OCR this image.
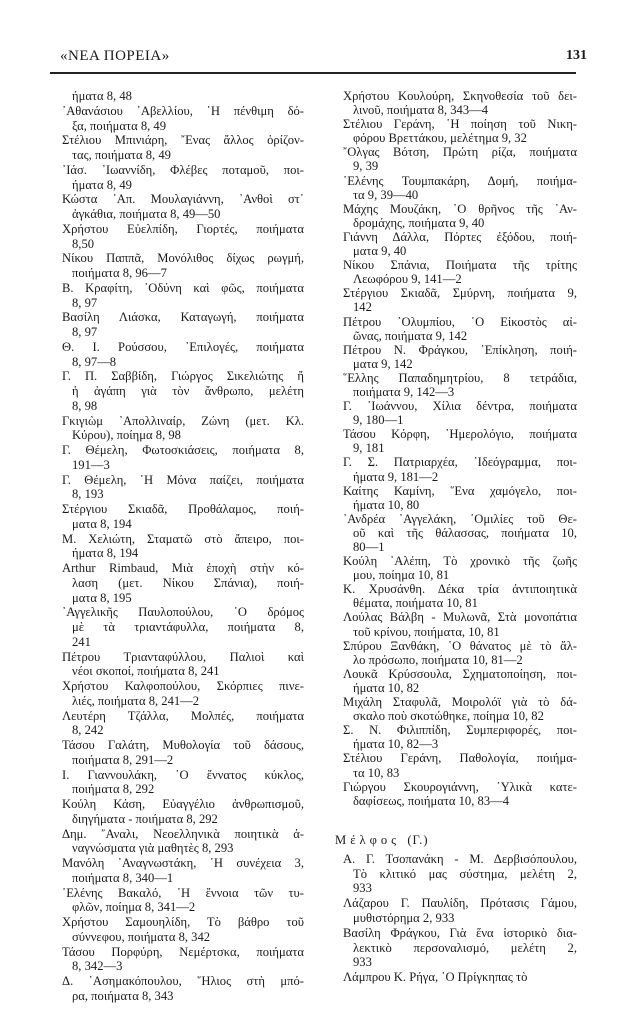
«ΝΕΑ ΠΟΡΕΙΑ»	131
ήματα 8, 48
᾿Αθανάσιου ᾿Αβελλίου, ῾Η πένθιμη δό-
ξα, ποιήματα 8, 49
Στέλιου Μπινιάρη, ῎Ενας ἄλλος ὁρίζον-
τας, ποιήματα 8, 49
᾿Ιάσ. ᾿Ιωαννίδη, Φλέβες ποταμοῦ, ποι-
ήματα 8, 49
Κώστα ᾿Απ. Μουλαγιάννη, ᾿Ανθοὶ στ᾿
ἀγκάθια, ποιήματα 8, 49—50
Χρήστου Εὐελπίδη, Γιορτές, ποιήματα
8,50
Νίκου Παππᾶ, Μονόλιθος δίχως ρωγμή,
ποιήματα 8, 96—7
Β. Κραφίτη, ᾿Οδύνη καὶ φῶς, ποιήματα
8, 97
Βασίλη Λιάσκα, Καταγωγή, ποιήματα
8, 97
Θ. Ι. Ρούσσου, ᾿Επιλογές, ποιήματα
8, 97—8
Γ. Π. Σαββίδη, Γιώργος Σικελιώτης ἤ
ἡ ἀγάπη γιὰ τὸν ἄνθρωπο, μελέτη
8, 98
Γκιγιὼμ ᾿Απολλιναίρ, Ζώνη (μετ. Κλ.
Κύρου), ποίημα 8, 98
Γ. Θέμελη, Φωτοσκιάσεις, ποιήματα 8,
191—3
Γ. Θέμελη, ῾Η Μόνα παίζει, ποιήματα
8, 193
Στέργιου Σκιαδᾶ, Προθάλαμος, ποιή-
ματα 8, 194
Μ. Χελιώτη, Σταματῶ στὸ ἄπειρο, ποι-
ήματα 8, 194
Arthur Rimbaud, Μιὰ ἐποχὴ στὴν κό-
λαση (μετ. Νίκου Σπάνια), ποιή-
ματα 8, 195
᾿Αγγελικῆς Παυλοπούλου, ῾Ο δρόμος
μὲ τὰ τριαντάφυλλα, ποιήματα 8,
241
Πέτρου Τριανταφύλλου, Παλιοὶ καὶ
νέοι σκοποί, ποιήματα 8, 241
Χρήστου Καλφοπούλου, Σκόρπιες πινε-
λιές, ποιήματα 8, 241—2
Λευτέρη Τζάλλα, Μολπές, ποιήματα
8, 242
Τάσου Γαλάτη, Μυθολογία τοῦ δάσους,
ποιήματα 8, 291—2
Ι. Γιαννουλάκη, ῾Ο ἔννατος κύκλος,
ποιήματα 8, 292
Κούλη Κάση, Εὐαγγέλιο ἀνθρωπισμοῦ,
διηγήματα - ποιήματα 8, 292
Δημ. ῎Αναλι, Νεοελληνικὰ ποιητικὰ ἀ-
ναγνώσματα γιὰ μαθητὲς 8, 293
Μανόλη ᾿Αναγνωστάκη, ῾Η συνέχεια 3,
ποιήματα 8, 340—1
῾Ελένης Βακαλό, ῾Η ἔννοια τῶν τυ-
φλῶν, ποίημα 8, 341—2
Χρήστου Σαμουηλίδη, Τὸ βάθρο τοῦ
σύννεφου, ποιήματα 8, 342
Τάσου Πορφύρη, Νεμέρτσκα, ποιήματα
8, 342—3
Δ. ᾿Ασημακόπουλου, ῞Ηλιος στὴ μπό-
ρα, ποιήματα 8, 343
Χρήστου Κουλούρη, Σκηνοθεσία τοῦ δει-
λινοῦ, ποιήματα 8, 343—4
Στέλιου Γεράνη, ῾Η ποίηση τοῦ Νικη-
φόρου Βρεττάκου, μελέτημα 9, 32
῎Ολγας Βότση, Πρώτη ρίζα, ποιήματα
9, 39
῾Ελένης Τουμπακάρη, Δομή, ποιήμα-
τα 9, 39—40
Μάχης Μουζάκη, ῾Ο θρῆνος τῆς ᾿Αν-
δρομάχης, ποιήματα 9, 40
Γιάννη Δάλλα, Πόρτες ἐξόδου, ποιή-
ματα 9, 40
Νίκου Σπάνια, Ποιήματα τῆς τρίτης
Λεωφόρου 9, 141—2
Στέργιου Σκιαδᾶ, Σμύρνη, ποιήματα 9,
142
Πέτρου ᾿Ολυμπίου, ῾Ο Εἰκοστὸς αἰ-
ῶνας, ποιήματα 9, 142
Πέτρου Ν. Φράγκου, ᾿Επίκληση, ποιή-
ματα 9, 142
῞Ελλης Παπαδημητρίου, 8 τετράδια,
ποιήματα 9, 142—3
Γ. ᾿Ιωάννου, Χίλια δέντρα, ποιήματα
9, 180—1
Τάσου Κόρφη, ῾Ημερολόγιο, ποιήματα
9, 181
Γ. Σ. Πατριαρχέα, ᾿Ιδεόγραμμα, ποι-
ήματα 9, 181—2
Καίτης Καμίνη, ῞Ενα χαμόγελο, ποι-
ήματα 10, 80
᾿Ανδρέα ᾿Αγγελάκη, ῾Ομιλίες τοῦ Θε-
οῦ καὶ τῆς θάλασσας, ποιήματα 10,
80—1
Κούλη ᾿Αλέπη, Τὸ χρονικὸ τῆς ζωῆς
μου, ποίημα 10, 81
Κ. Χρυσάνθη. Δέκα τρία ἀντιποιητικὰ
θέματα, ποιήματα 10, 81
Λούλας Βάλβη - Μυλωνᾶ, Στὰ μονοπάτια
τοῦ κρίνου, ποιήματα, 10, 81
Σπύρου Ξανθάκη, ῾Ο θάνατος μὲ τὸ ἄλ-
λο πρόσωπο, ποιήματα 10, 81—2
Λουκᾶ Κρύσσουλα, Σχηματοποίηση, ποι-
ήματα 10, 82
Μιχάλη Σταφυλᾶ, Μοιρολόϊ γιὰ τὸ δά-
σκαλο ποὺ σκοτώθηκε, ποίημα 10, 82
Σ. Ν. Φιλιππίδη, Συμπεριφορές, ποι-
ήματα 10, 82—3
Στέλιου Γεράνη, Παθολογία, ποιήμα-
τα 10, 83
Γιώργου Σκουρογιάννη, ῾Υλικὰ κατε-
δαφίσεως, ποιήματα 10, 83—4
Μέλφος (Γ.)
Α. Γ. Τσοπανάκη - Μ. Δερβισόπουλου,
Τὸ κλιτικό μας σύστημα, μελέτη 2,
933
Λάζαρου Γ. Παυλίδη, Πρότασις Γάμου,
μυθιστόρημα 2, 933
Βασίλη Φράγκου, Γιὰ ἕνα ἱστορικὸ δια-
λεκτικὸ περσοναλισμό, μελέτη 2,
933
Λάμπρου Κ. Ρήγα, ῾Ο Πρίγκηπας τὸ
